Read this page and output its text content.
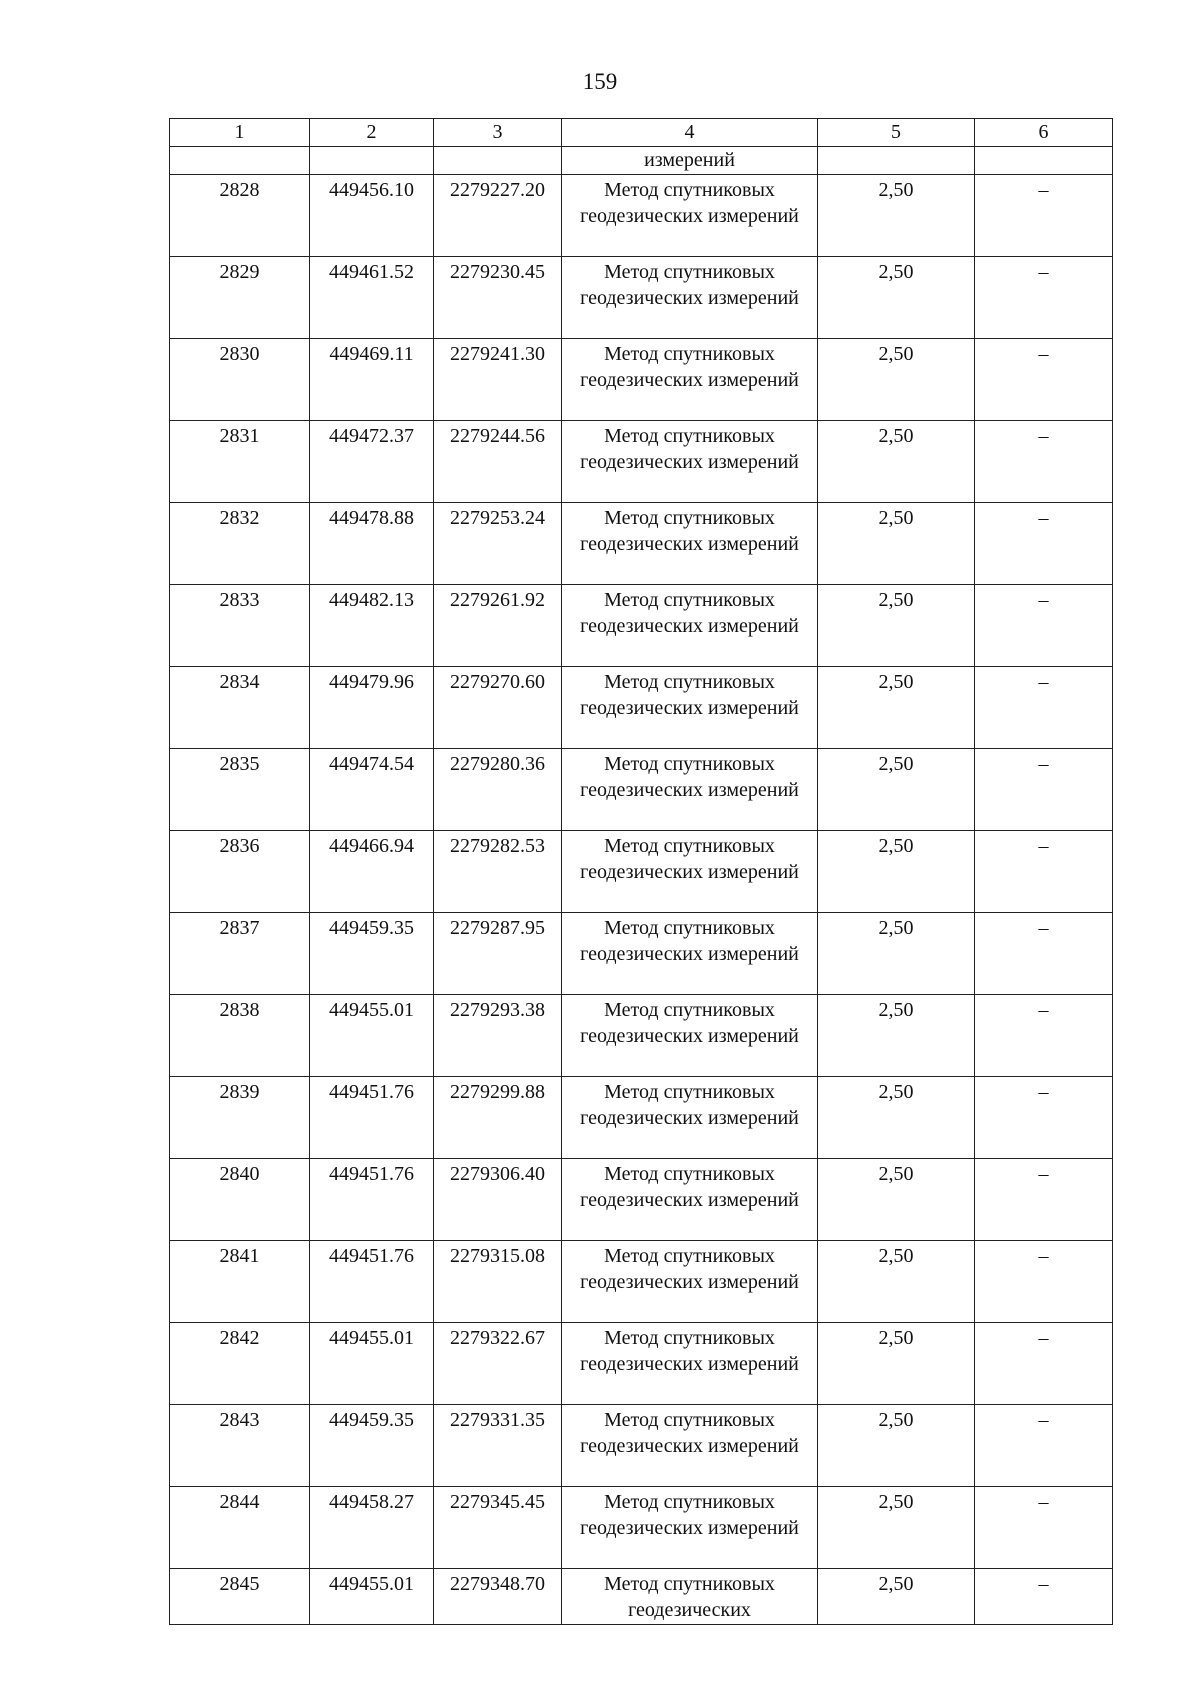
159
1	2	3	4	5	6
			измерений		
2828	449456.10	2279227.20	Метод спутниковых геодезических измерений	2,50	–
2829	449461.52	2279230.45	Метод спутниковых геодезических измерений	2,50	–
2830	449469.11	2279241.30	Метод спутниковых геодезических измерений	2,50	–
2831	449472.37	2279244.56	Метод спутниковых геодезических измерений	2,50	–
2832	449478.88	2279253.24	Метод спутниковых геодезических измерений	2,50	–
2833	449482.13	2279261.92	Метод спутниковых геодезических измерений	2,50	–
2834	449479.96	2279270.60	Метод спутниковых геодезических измерений	2,50	–
2835	449474.54	2279280.36	Метод спутниковых геодезических измерений	2,50	–
2836	449466.94	2279282.53	Метод спутниковых геодезических измерений	2,50	–
2837	449459.35	2279287.95	Метод спутниковых геодезических измерений	2,50	–
2838	449455.01	2279293.38	Метод спутниковых геодезических измерений	2,50	–
2839	449451.76	2279299.88	Метод спутниковых геодезических измерений	2,50	–
2840	449451.76	2279306.40	Метод спутниковых геодезических измерений	2,50	–
2841	449451.76	2279315.08	Метод спутниковых геодезических измерений	2,50	–
2842	449455.01	2279322.67	Метод спутниковых геодезических измерений	2,50	–
2843	449459.35	2279331.35	Метод спутниковых геодезических измерений	2,50	–
2844	449458.27	2279345.45	Метод спутниковых геодезических измерений	2,50	–
2845	449455.01	2279348.70	Метод спутниковых геодезических	2,50	–
